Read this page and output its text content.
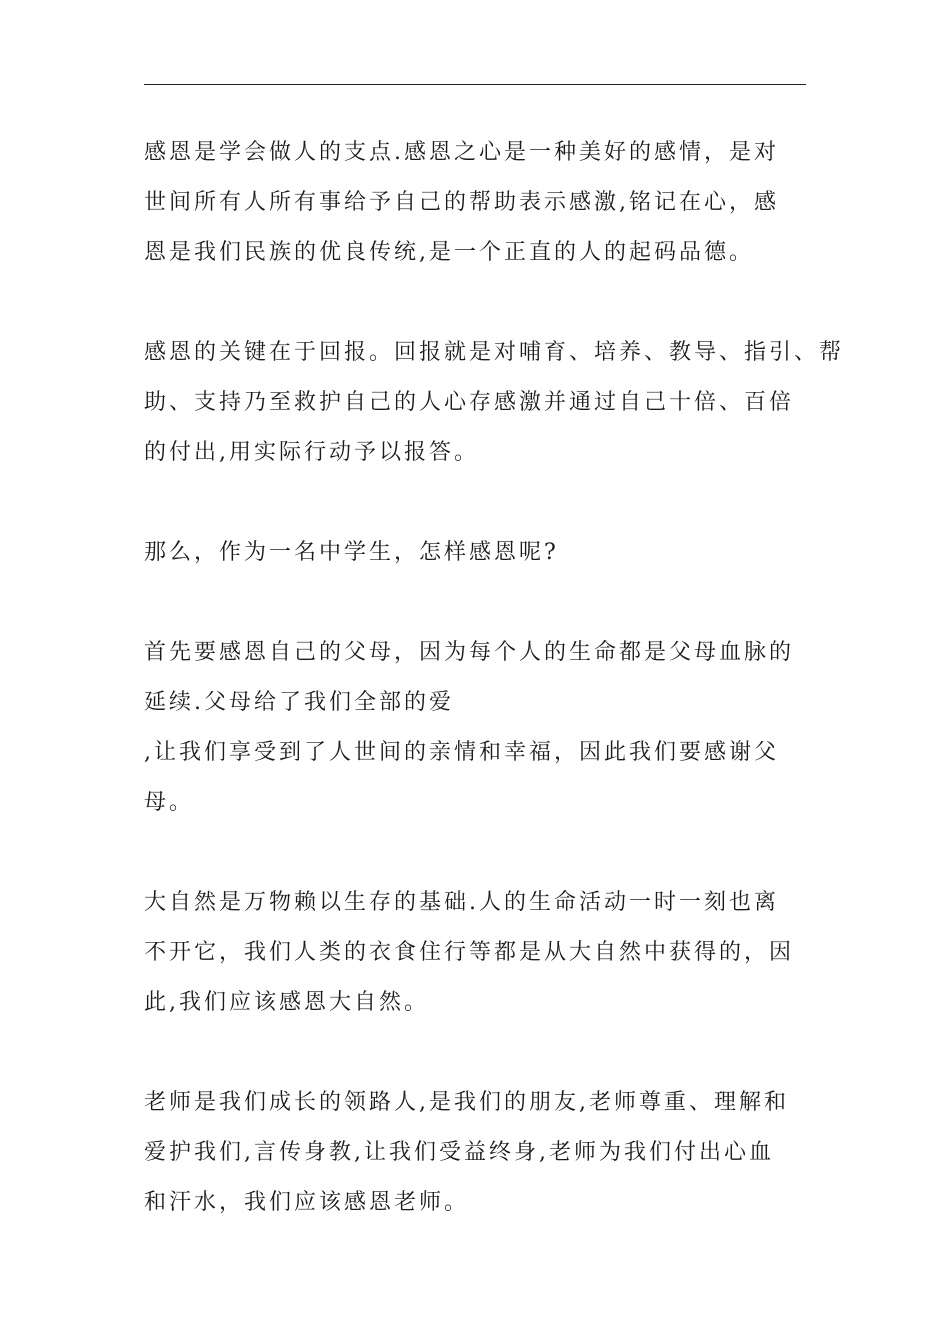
感恩是学会做人的支点.感恩之心是一种美好的感情，是对
世间所有人所有事给予自己的帮助表示感激,铭记在心，感
恩是我们民族的优良传统,是一个正直的人的起码品德。

感恩的关键在于回报。回报就是对哺育、培养、教导、指引、帮
助、支持乃至救护自己的人心存感激并通过自己十倍、百倍
的付出,用实际行动予以报答。

那么，作为一名中学生，怎样感恩呢?

首先要感恩自己的父母，因为每个人的生命都是父母血脉的
延续.父母给了我们全部的爱
,让我们享受到了人世间的亲情和幸福，因此我们要感谢父
母。

大自然是万物赖以生存的基础.人的生命活动一时一刻也离
不开它，我们人类的衣食住行等都是从大自然中获得的，因
此,我们应该感恩大自然。

老师是我们成长的领路人,是我们的朋友,老师尊重、理解和
爱护我们,言传身教,让我们受益终身,老师为我们付出心血
和汗水，我们应该感恩老师。
